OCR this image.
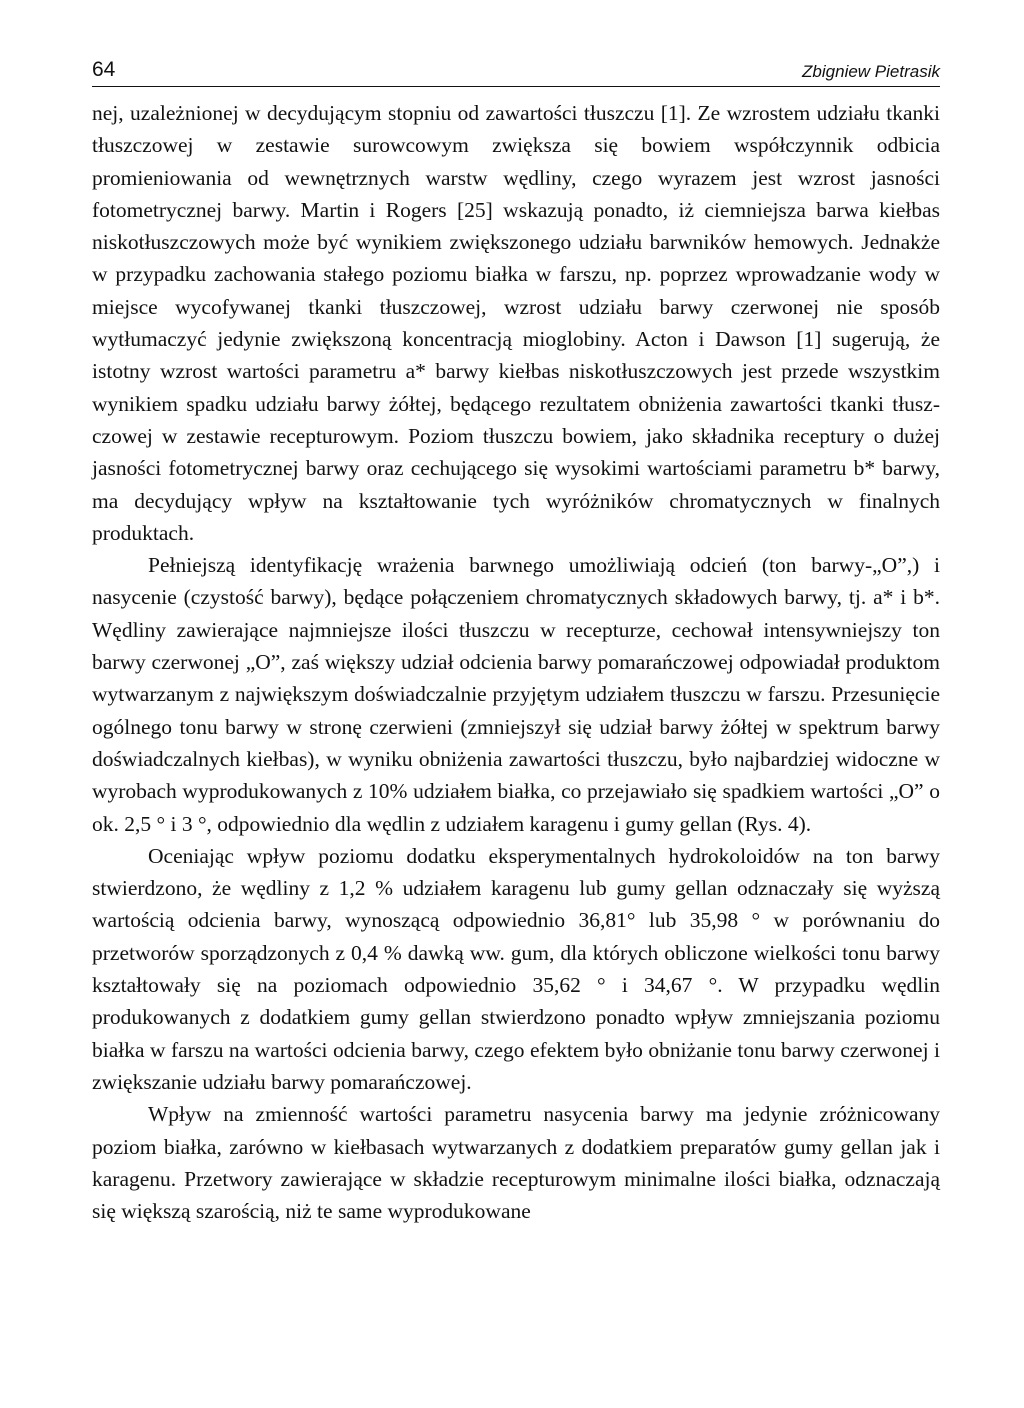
64	Zbigniew Pietrasik

nej, uzależnionej w decydującym stopniu od zawartości tłuszczu [1]. Ze wzrostem udziału tkanki tłuszczowej w zestawie surowcowym zwiększa się bowiem współczynnik odbicia promieniowania od wewnętrznych warstw wędliny, czego wyrazem jest wzrost jasności fotometrycznej barwy. Martin i Rogers [25] wskazują ponadto, iż ciemniejsza barwa kiełbas niskotłuszczowych może być wynikiem zwiększonego udziału barwników hemowych. Jednakże w przypadku zachowania stałego poziomu białka w farszu, np. poprzez wprowadzanie wody w miejsce wycofywanej tkanki tłuszczowej, wzrost udziału barwy czerwonej nie sposób wytłumaczyć jedynie zwiększoną koncentracją mioglobiny. Acton i Dawson [1] sugerują, że istotny wzrost wartości parametru a* barwy kiełbas niskotłuszczowych jest przede wszystkim wynikiem spadku udziału barwy żółtej, będącego rezultatem obniżenia zawartości tkanki tłuszczowej w zestawie recepturowym. Poziom tłuszczu bowiem, jako składnika receptury o dużej jasności fotometrycznej barwy oraz cechującego się wysokimi wartościami parametru b* barwy, ma decydujący wpływ na kształtowanie tych wyróżników chromatycznych w finalnych produktach.

Pełniejszą identyfikację wrażenia barwnego umożliwiają odcień (ton barwy-„O”,) i nasycenie (czystość barwy), będące połączeniem chromatycznych składowych barwy, tj. a* i b*. Wędliny zawierające najmniejsze ilości tłuszczu w recepturze, cechował intensywniejszy ton barwy czerwonej „O”, zaś większy udział odcienia barwy pomarańczowej odpowiadał produktom wytwarzanym z największym doświadczalnie przyjętym udziałem tłuszczu w farszu. Przesunięcie ogólnego tonu barwy w stronę czerwieni (zmniejszył się udział barwy żółtej w spektrum barwy doświadczalnych kiełbas), w wyniku obniżenia zawartości tłuszczu, było najbardziej widoczne w wyrobach wyprodukowanych z 10% udziałem białka, co przejawiało się spadkiem wartości „O” o ok. 2,5 ° i 3 °, odpowiednio dla wędlin z udziałem karagenu i gumy gellan (Rys. 4).

Oceniając wpływ poziomu dodatku eksperymentalnych hydrokoloidów na ton barwy stwierdzono, że wędliny z 1,2 % udziałem karagenu lub gumy gellan odznaczały się wyższą wartością odcienia barwy, wynoszącą odpowiednio 36,81° lub 35,98 ° w porównaniu do przetworów sporządzonych z 0,4 % dawką ww. gum, dla których obliczone wielkości tonu barwy kształtowały się na poziomach odpowiednio 35,62 ° i 34,67 °. W przypadku wędlin produkowanych z dodatkiem gumy gellan stwierdzono ponadto wpływ zmniejszania poziomu białka w farszu na wartości odcienia barwy, czego efektem było obniżanie tonu barwy czerwonej i zwiększanie udziału barwy pomarańczowej.

Wpływ na zmienność wartości parametru nasycenia barwy ma jedynie zróżnicowany poziom białka, zarówno w kiełbasach wytwarzanych z dodatkiem preparatów gumy gellan jak i karagenu. Przetwory zawierające w składzie recepturowym minimalne ilości białka, odznaczają się większą szarością, niż te same wyprodukowane
